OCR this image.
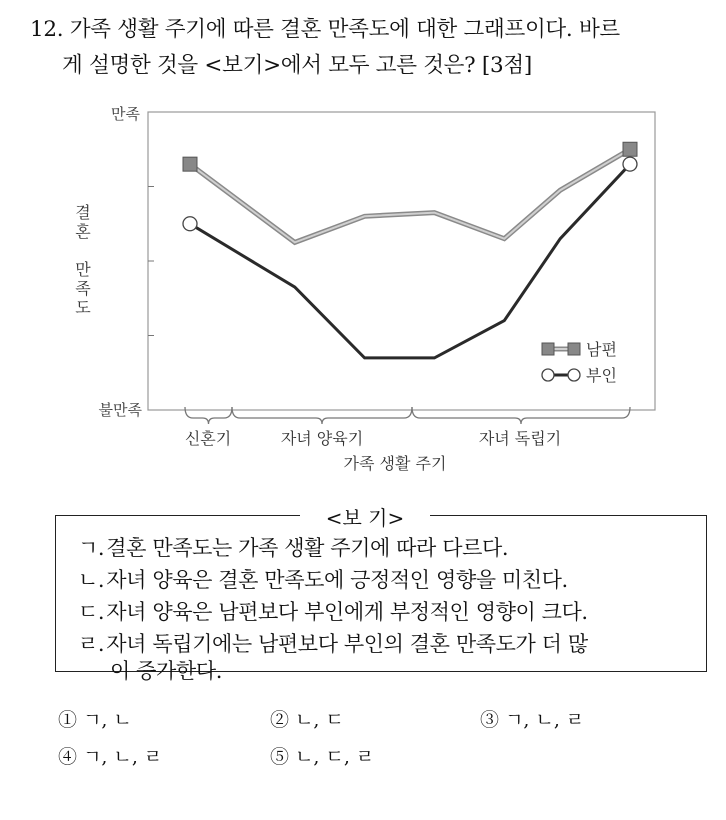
12. 가족 생활 주기에 따른 결혼 만족도에 대한 그래프이다. 바르
게 설명한 것을 <보기>에서 모두 고른 것은? [3점]
만족
불만족
결
혼
만
족
도
남편
부인
신혼기	자녀 양육기	자녀 독립기
가족 생활 주기
<보 기>
ㄱ. 결혼 만족도는 가족 생활 주기에 따라 다르다.
ㄴ. 자녀 양육은 결혼 만족도에 긍정적인 영향을 미친다.
ㄷ. 자녀 양육은 남편보다 부인에게 부정적인 영향이 크다.
ㄹ. 자녀 독립기에는 남편보다 부인의 결혼 만족도가 더 많
이 증가한다.
① ㄱ, ㄴ	② ㄴ, ㄷ	③ ㄱ, ㄴ, ㄹ
④ ㄱ, ㄴ, ㄹ	⑤ ㄴ, ㄷ, ㄹ
